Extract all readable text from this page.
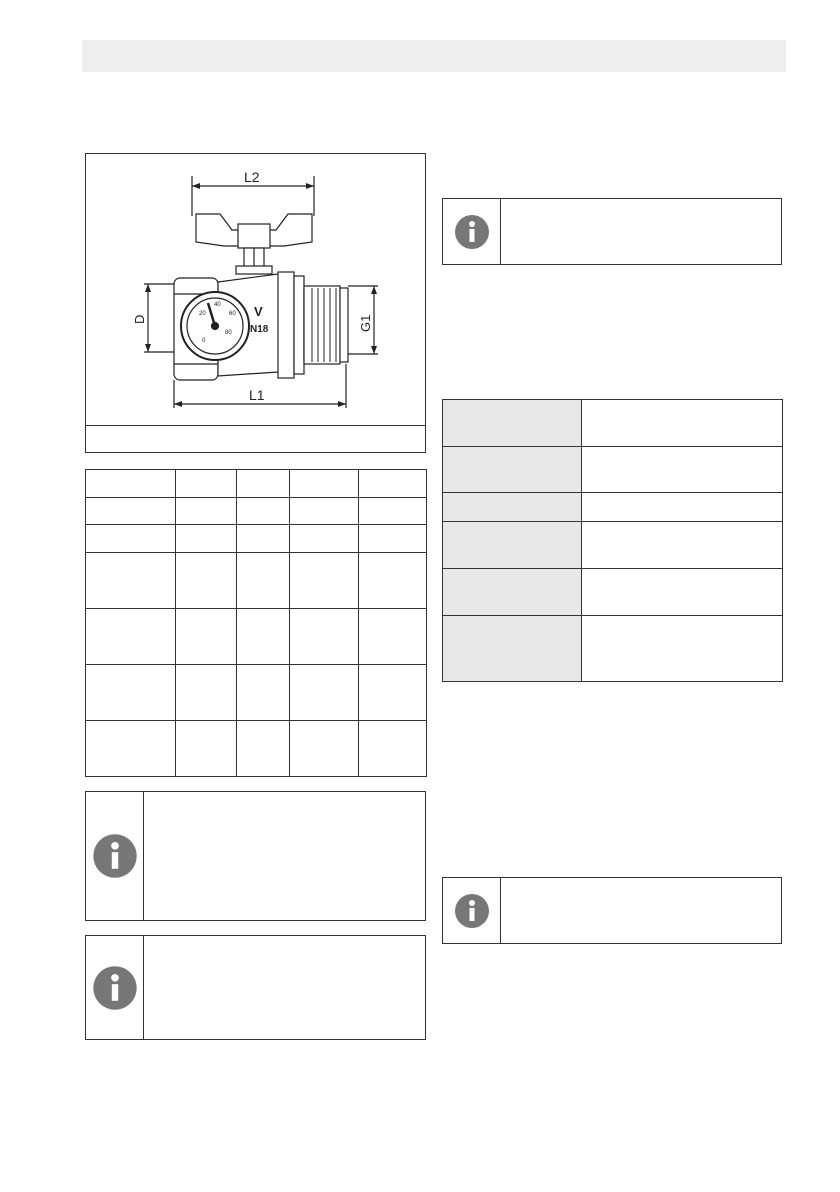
L2
L1
D	G1
V
N18
0
20
40
60
80
